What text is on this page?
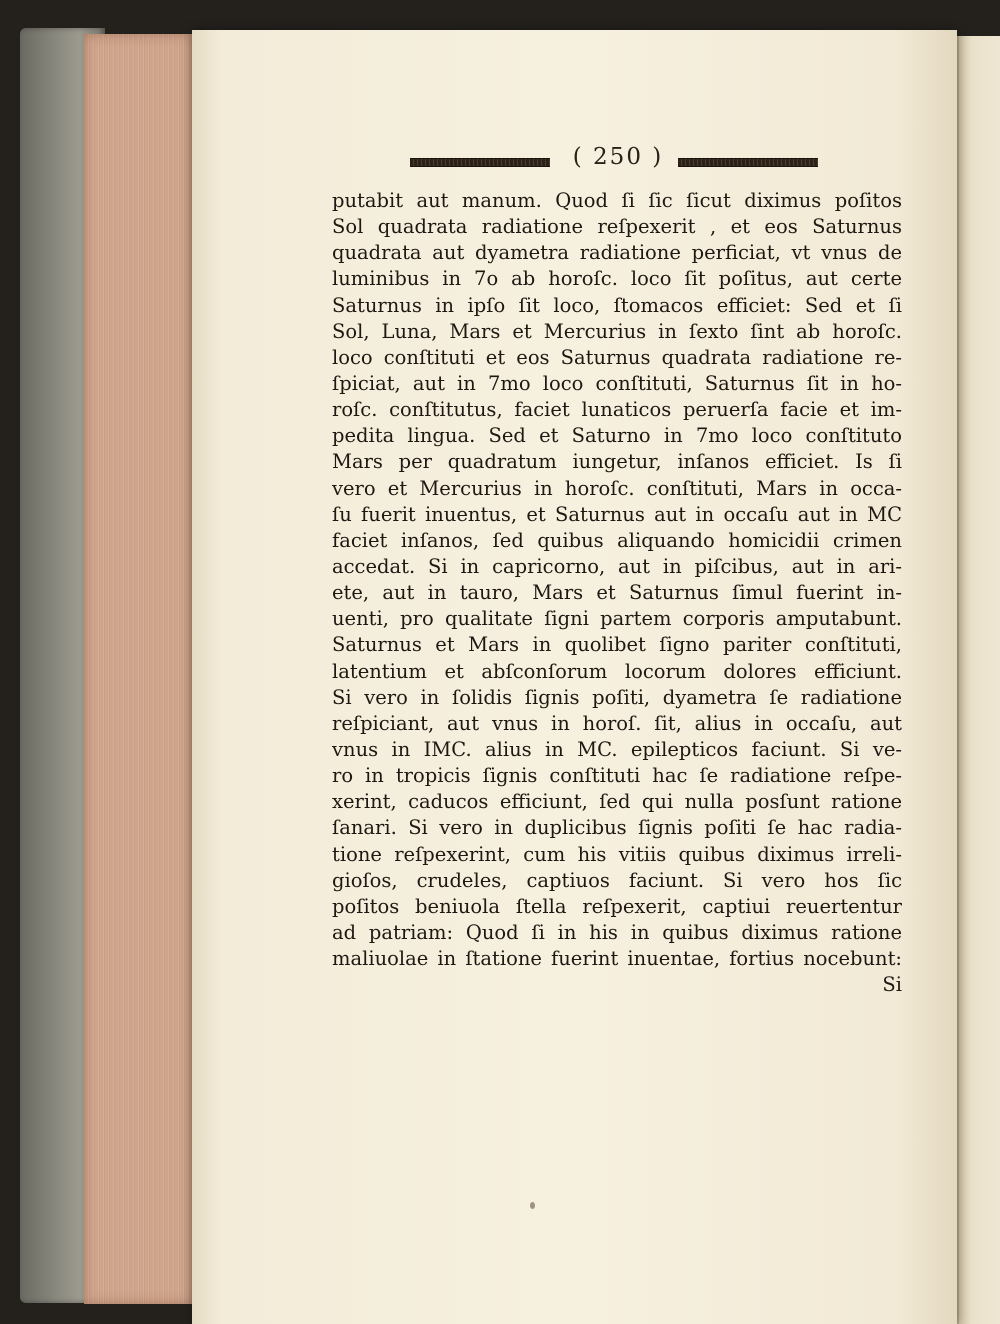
( 250 )
putabit aut manum. Quod ſi ſic ſicut diximus poſitos
Sol quadrata radiatione reſpexerit , et eos Saturnus
quadrata aut dyametra radiatione perficiat, vt vnus de
luminibus in 7o ab horoſc. loco ſit poſitus, aut certe
Saturnus in ipſo ſit loco, ſtomacos efficiet: Sed et ſi
Sol, Luna, Mars et Mercurius in ſexto ſint ab horoſc.
loco conſtituti et eos Saturnus quadrata radiatione re-
ſpiciat, aut in 7mo loco conſtituti, Saturnus ſit in ho-
roſc. conſtitutus, faciet lunaticos peruerſa facie et im-
pedita lingua. Sed et Saturno in 7mo loco conſtituto
Mars per quadratum iungetur, inſanos efficiet. Is ſi
vero et Mercurius in horoſc. conſtituti, Mars in occa-
ſu fuerit inuentus, et Saturnus aut in occaſu aut in MC
faciet inſanos, ſed quibus aliquando homicidii crimen
accedat. Si in capricorno, aut in piſcibus, aut in ari-
ete, aut in tauro, Mars et Saturnus ſimul fuerint in-
uenti, pro qualitate ſigni partem corporis amputabunt.
Saturnus et Mars in quolibet ſigno pariter conſtituti,
latentium et abſconſorum locorum dolores efficiunt.
Si vero in ſolidis ſignis poſiti, dyametra ſe radiatione
reſpiciant, aut vnus in horoſ. ſit, alius in occaſu, aut
vnus in IMC. alius in MC. epilepticos faciunt. Si ve-
ro in tropicis ſignis conſtituti hac ſe radiatione reſpe-
xerint, caducos efficiunt, ſed qui nulla posſunt ratione
ſanari. Si vero in duplicibus ſignis poſiti ſe hac radia-
tione reſpexerint, cum his vitiis quibus diximus irreli-
gioſos, crudeles, captiuos faciunt. Si vero hos ſic
poſitos beniuola ſtella reſpexerit, captiui reuertentur
ad patriam: Quod ſi in his in quibus diximus ratione
maliuolae in ſtatione fuerint inuentae, fortius nocebunt:
Si
